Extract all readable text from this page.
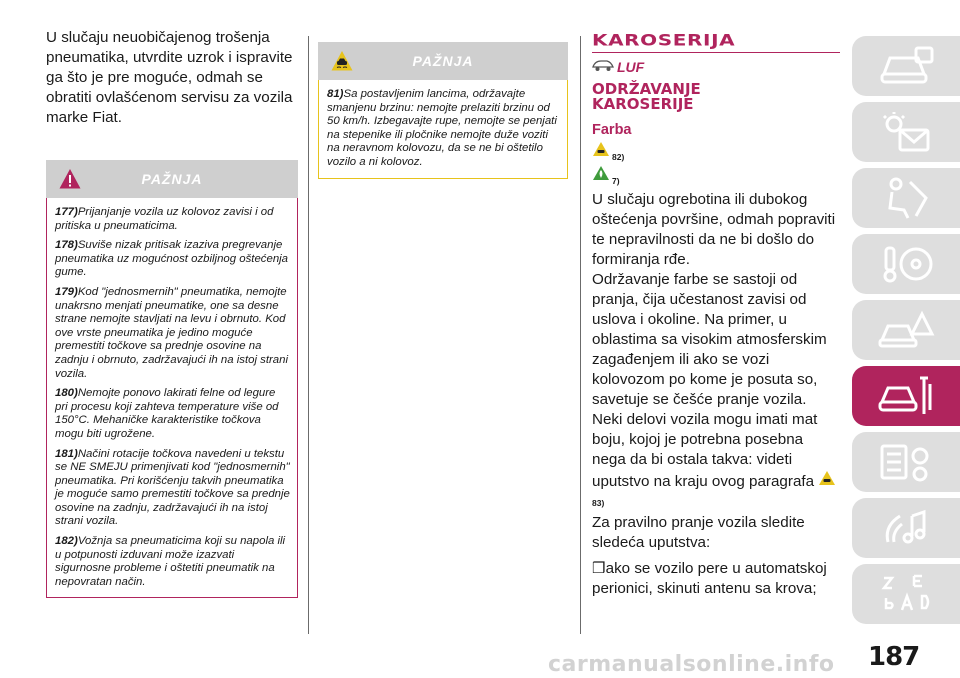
U slučaju neuobičajenog trošenja pneumatika, utvrdite uzrok i ispravite ga što je pre moguće, odmah se obratiti ovlašćenom servisu za vozila marke Fiat.

PAŽNJA

177)Prijanjanje vozila uz kolovoz zavisi i od pritiska u pneumaticima.

178)Suviše nizak pritisak izaziva pregrevanje pneumatika uz mogućnost ozbiljnog oštećenja gume.

179)Kod "jednosmernih" pneumatika, nemojte unakrsno menjati pneumatike, one sa desne strane nemojte stavljati na levu i obrnuto. Kod ove vrste pneumatika je jedino moguće premestiti točkove sa prednje osovine na zadnju i obrnuto, zadržavajući ih na istoj strani vozila.

180)Nemojte ponovo lakirati felne od legure pri procesu koji zahteva temperature više od 150°C. Mehaničke karakteristike točkova mogu biti ugrožene.

181)Načini rotacije točkova navedeni u tekstu se NE SMEJU primenjivati kod "jednosmernih" pneumatika. Pri korišćenju takvih pneumatika je moguće samo premestiti točkove sa prednje osovine na zadnju, zadržavajući ih na istoj strani vozila.

182)Vožnja sa pneumaticima koji su napola ili u potpunosti izduvani može izazvati sigurnosne probleme i oštetiti pneumatik na nepovratan način.

PAŽNJA

81)Sa postavljenim lancima, održavajte smanjenu brzinu: nemojte prelaziti brzinu od 50 km/h. Izbegavajte rupe, nemojte se penjati na stepenike ili pločnike nemojte duže voziti na neravnom kolovozu, da se ne bi oštetilo vozilo a ni kolovoz.

KAROSERIJA
LUF
ODRŽAVANJE
KAROSERIJE
Farba
82)
7)
U slučaju ogrebotina ili dubokog oštećenja površine, odmah popraviti te nepravilnosti da ne bi došlo do formiranja rđe.
Održavanje farbe se sastoji od pranja, čija učestanost zavisi od uslova i okoline. Na primer, u oblastima sa visokim atmosferskim zagađenjem ili ako se vozi kolovozom po kome je posuta so, savetuje se češće pranje vozila.
Neki delovi vozila mogu imati mat boju, kojoj je potrebna posebna nega da bi ostala takva: videti uputstvo na kraju ovog paragrafa 83)
Za pravilno pranje vozila sledite sledeća uputstva:
❒ako se vozilo pere u automatskoj perionici, skinuti antenu sa krova;
187
carmanualsonline.info
